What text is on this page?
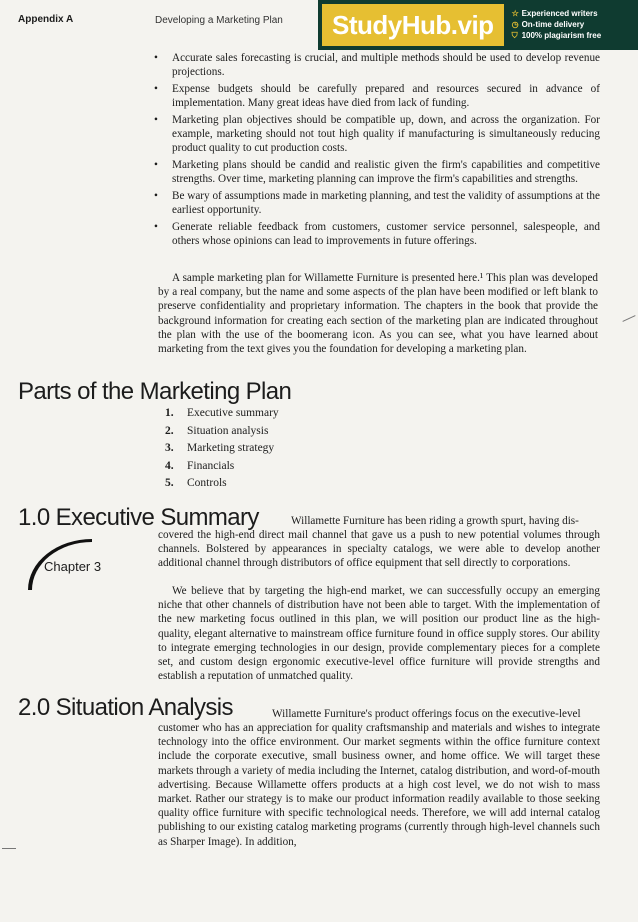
Appendix A	Developing a Marketing Plan	StudyHub.vip	☆ Experienced writers
◷ On-time delivery
⛉ 100% plagiarism free
• Accurate sales forecasting is crucial, and multiple methods should be used to develop revenue projections.
• Expense budgets should be carefully prepared and resources secured in advance of implementation. Many great ideas have died from lack of funding.
• Marketing plan objectives should be compatible up, down, and across the organization. For example, marketing should not tout high quality if manufacturing is simultaneously reducing product quality to cut production costs.
• Marketing plans should be candid and realistic given the firm's capabilities and competitive strengths. Over time, marketing planning can improve the firm's capabilities and strengths.
• Be wary of assumptions made in marketing planning, and test the validity of assumptions at the earliest opportunity.
• Generate reliable feedback from customers, customer service personnel, salespeople, and others whose opinions can lead to improvements in future offerings.

A sample marketing plan for Willamette Furniture is presented here.¹ This plan was developed by a real company, but the name and some aspects of the plan have been modified or left blank to preserve confidentiality and proprietary information. The chapters in the book that provide the background information for creating each section of the marketing plan are indicated throughout the plan with the use of the boomerang icon. As you can see, what you have learned about marketing from the text gives you the foundation for developing a marketing plan.

Parts of the Marketing Plan
1. Executive summary
2. Situation analysis
3. Marketing strategy
4. Financials
5. Controls
1.0 Executive Summary	Willamette Furniture has been riding a growth spurt, having dis-

covered the high-end direct mail channel that gave us a push to new potential volumes through channels. Bolstered by appearances in specialty catalogs, we were able to develop another additional channel through distributors of office equipment that sell directly to corporations.

Chapter 3

We believe that by targeting the high-end market, we can successfully occupy an emerging niche that other channels of distribution have not been able to target. With the implementation of the new marketing focus outlined in this plan, we will position our product line as the high-quality, elegant alternative to mainstream office furniture found in office supply stores. Our ability to integrate emerging technologies in our design, provide complementary pieces for a complete set, and custom design ergonomic executive-level office furniture will provide strengths and establish a reputation of unmatched quality.

2.0 Situation Analysis	Willamette Furniture's product offerings focus on the executive-level

customer who has an appreciation for quality craftsmanship and materials and wishes to integrate technology into the office environment. Our market segments within the office furniture context include the corporate executive, small business owner, and home office. We will target these markets through a variety of media including the Internet, catalog distribution, and word-of-mouth advertising. Because Willamette offers products at a high cost level, we do not wish to mass market. Rather our strategy is to make our product information readily available to those seeking quality office furniture with specific technological needs. Therefore, we will add internal catalog publishing to our existing catalog marketing programs (currently through high-level channels such as Sharper Image). In addition,
